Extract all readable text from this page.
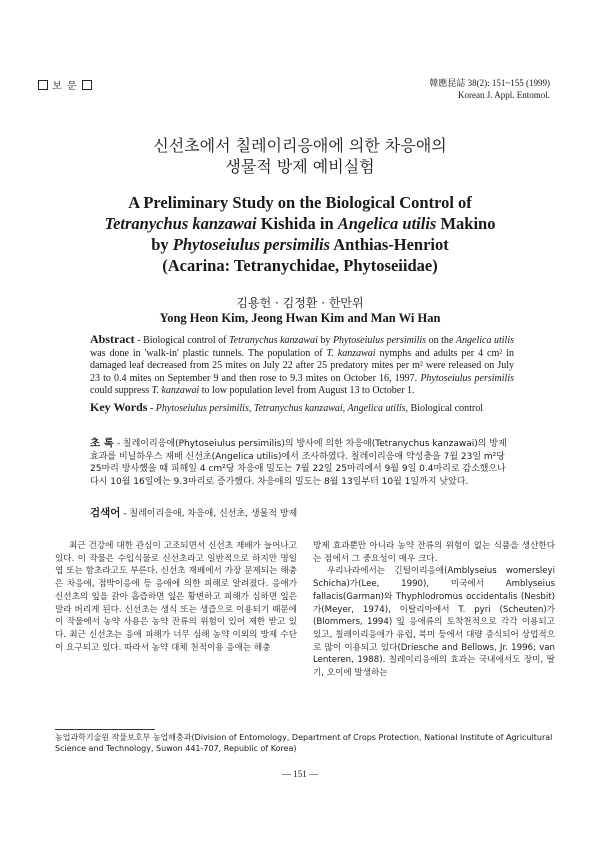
보 문	韓應昆誌 38(2): 151~155 (1999)
Korean J. Appl. Entomol.
신선초에서 칠레이리응애에 의한 차응애의
생물적 방제 예비실험
A Preliminary Study on the Biological Control of
Tetranychus kanzawai Kishida in Angelica utilis Makino
by Phytoseiulus persimilis Anthias-Henriot
(Acarina: Tetranychidae, Phytoseiidae)
김용헌 · 김정환 · 한만위
Yong Heon Kim, Jeong Hwan Kim and Man Wi Han
Abstract - Biological control of Tetranychus kanzawai by Phytoseiulus persimilis on the Angelica utilis was done in 'walk-in' plastic tunnels. The population of T. kanzawai nymphs and adults per 4 cm² in damaged leaf decreased from 25 mites on July 22 after 25 predatory mites per m² were released on July 23 to 0.4 mites on September 9 and then rose to 9.3 mites on October 16, 1997. Phytoseiulus persimilis could suppress T. kanzawai to low population level from August 13 to October 1.
Key Words - Phytoseiulus persimilis, Tetranychus kanzawai, Angelica utilis, Biological control
초 록 - 칠레이리응애(Phytoseiulus persimilis)의 방사에 의한 차응애(Tetranychus kanzawai)의 방제효과를 비닐하우스 재배 신선초(Angelica utilis)에서 조사하였다. 칠레이리응애 약성충을 7월 23일 m²당 25마리 방사했을 때 피해잎 4 cm²당 차응애 밀도는 7월 22일 25마리에서 9월 9일 0.4마리로 감소했으나 다시 10월 16일에는 9.3마리로 증가했다. 차응애의 밀도는 8월 13일부터 10월 1일까지 낮았다.
검색어 - 칠레이리응애, 차응애, 신선초, 생물적 방제

최근 건강에 대한 관심이 고조되면서 신선초 재배가 늘어나고 있다. 이 작물은 수입식물로 신선초라고 일반적으로 하지만 명일엽 또는 함초라고도 부른다. 신선초 재배에서 가장 문제되는 해충은 차응애, 점박이응애 등 응애에 의한 피해로 알려졌다. 응애가 신선초의 잎을 갉아 흡즙하면 잎은 황변하고 피해가 심하면 잎은 말라 버리게 된다. 신선초는 생식 또는 생즙으로 이용되기 때문에 이 작물에서 농약 사용은 농약 잔류의 위험이 있어 제한 받고 있다. 최근 신선초는 응애 피해가 너무 심해 농약 이외의 방제 수단이 요구되고 있다. 따라서 농약 대체 천적이용 응애는 해충

방제 효과뿐만 아니라 농약 잔류의 위험이 없는 식품을 생산한다는 점에서 그 중요성이 매우 크다.

우리나라에서는 긴털이리응애(Amblyseius womersleyi Schicha)가(Lee, 1990), 미국에서 Amblyseius fallacis(Garman)와 Thyphlodromus occidentalis (Nesbit)가(Meyer, 1974), 이탈리아에서 T. pyri (Scheuten)가(Blommers, 1994) 잎 응애류의 토착천적으로 각각 이용되고 있고, 칠레이리응애가 유럽, 북미 등에서 대량 증식되어 상업적으로 많이 이용되고 있다(Driesche and Bellows, Jr. 1996; van Lenteren, 1988). 칠레이리응애의 효과는 국내에서도 장미, 딸기, 오이에 발생하는

농업과학기술원 작물보호부 농업해충과(Division of Entomology, Department of Crops Protection, National Institute of Agricultural Science and Technology, Suwon 441-707, Republic of Korea)
— 151 —
